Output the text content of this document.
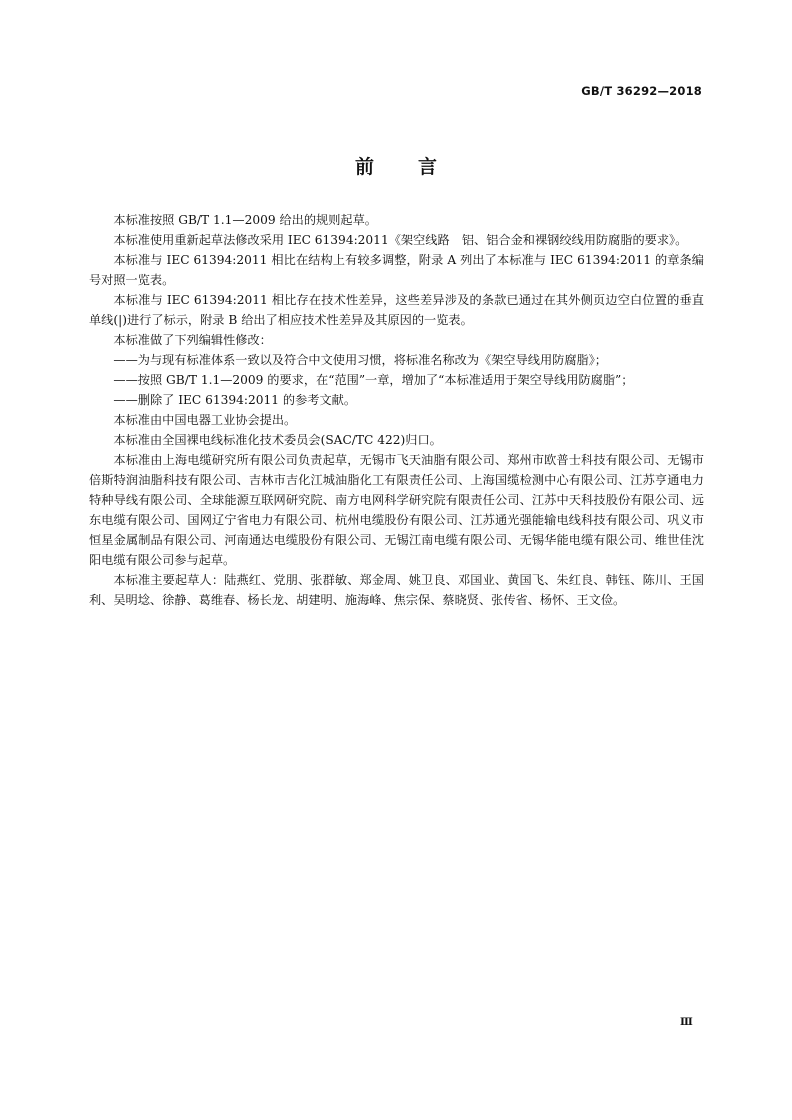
GB/T 36292—2018
前言

本标准按照 GB/T 1.1—2009 给出的规则起草。

本标准使用重新起草法修改采用 IEC 61394:2011《架空线路　铝、铝合金和裸钢绞线用防腐脂的要求》。

本标准与 IEC 61394:2011 相比在结构上有较多调整，附录 A 列出了本标准与 IEC 61394:2011 的章条编号对照一览表。

本标准与 IEC 61394:2011 相比存在技术性差异，这些差异涉及的条款已通过在其外侧页边空白位置的垂直单线(|)进行了标示，附录 B 给出了相应技术性差异及其原因的一览表。

本标准做了下列编辑性修改：

——为与现有标准体系一致以及符合中文使用习惯，将标准名称改为《架空导线用防腐脂》；

——按照 GB/T 1.1—2009 的要求，在“范围”一章，增加了“本标准适用于架空导线用防腐脂”；

——删除了 IEC 61394:2011 的参考文献。

本标准由中国电器工业协会提出。

本标准由全国裸电线标准化技术委员会(SAC/TC 422)归口。

本标准由上海电缆研究所有限公司负责起草，无锡市飞天油脂有限公司、郑州市欧普士科技有限公司、无锡市倍斯特润油脂科技有限公司、吉林市吉化江城油脂化工有限责任公司、上海国缆检测中心有限公司、江苏亨通电力特种导线有限公司、全球能源互联网研究院、南方电网科学研究院有限责任公司、江苏中天科技股份有限公司、远东电缆有限公司、国网辽宁省电力有限公司、杭州电缆股份有限公司、江苏通光强能输电线科技有限公司、巩义市恒星金属制品有限公司、河南通达电缆股份有限公司、无锡江南电缆有限公司、无锡华能电缆有限公司、维世佳沈阳电缆有限公司参与起草。

本标准主要起草人：陆燕红、党朋、张群敏、郑金周、姚卫良、邓国业、黄国飞、朱红良、韩钰、陈川、王国利、吴明埝、徐静、葛维春、杨长龙、胡建明、施海峰、焦宗保、蔡晓贤、张传省、杨怀、王文俭。

Ⅲ
